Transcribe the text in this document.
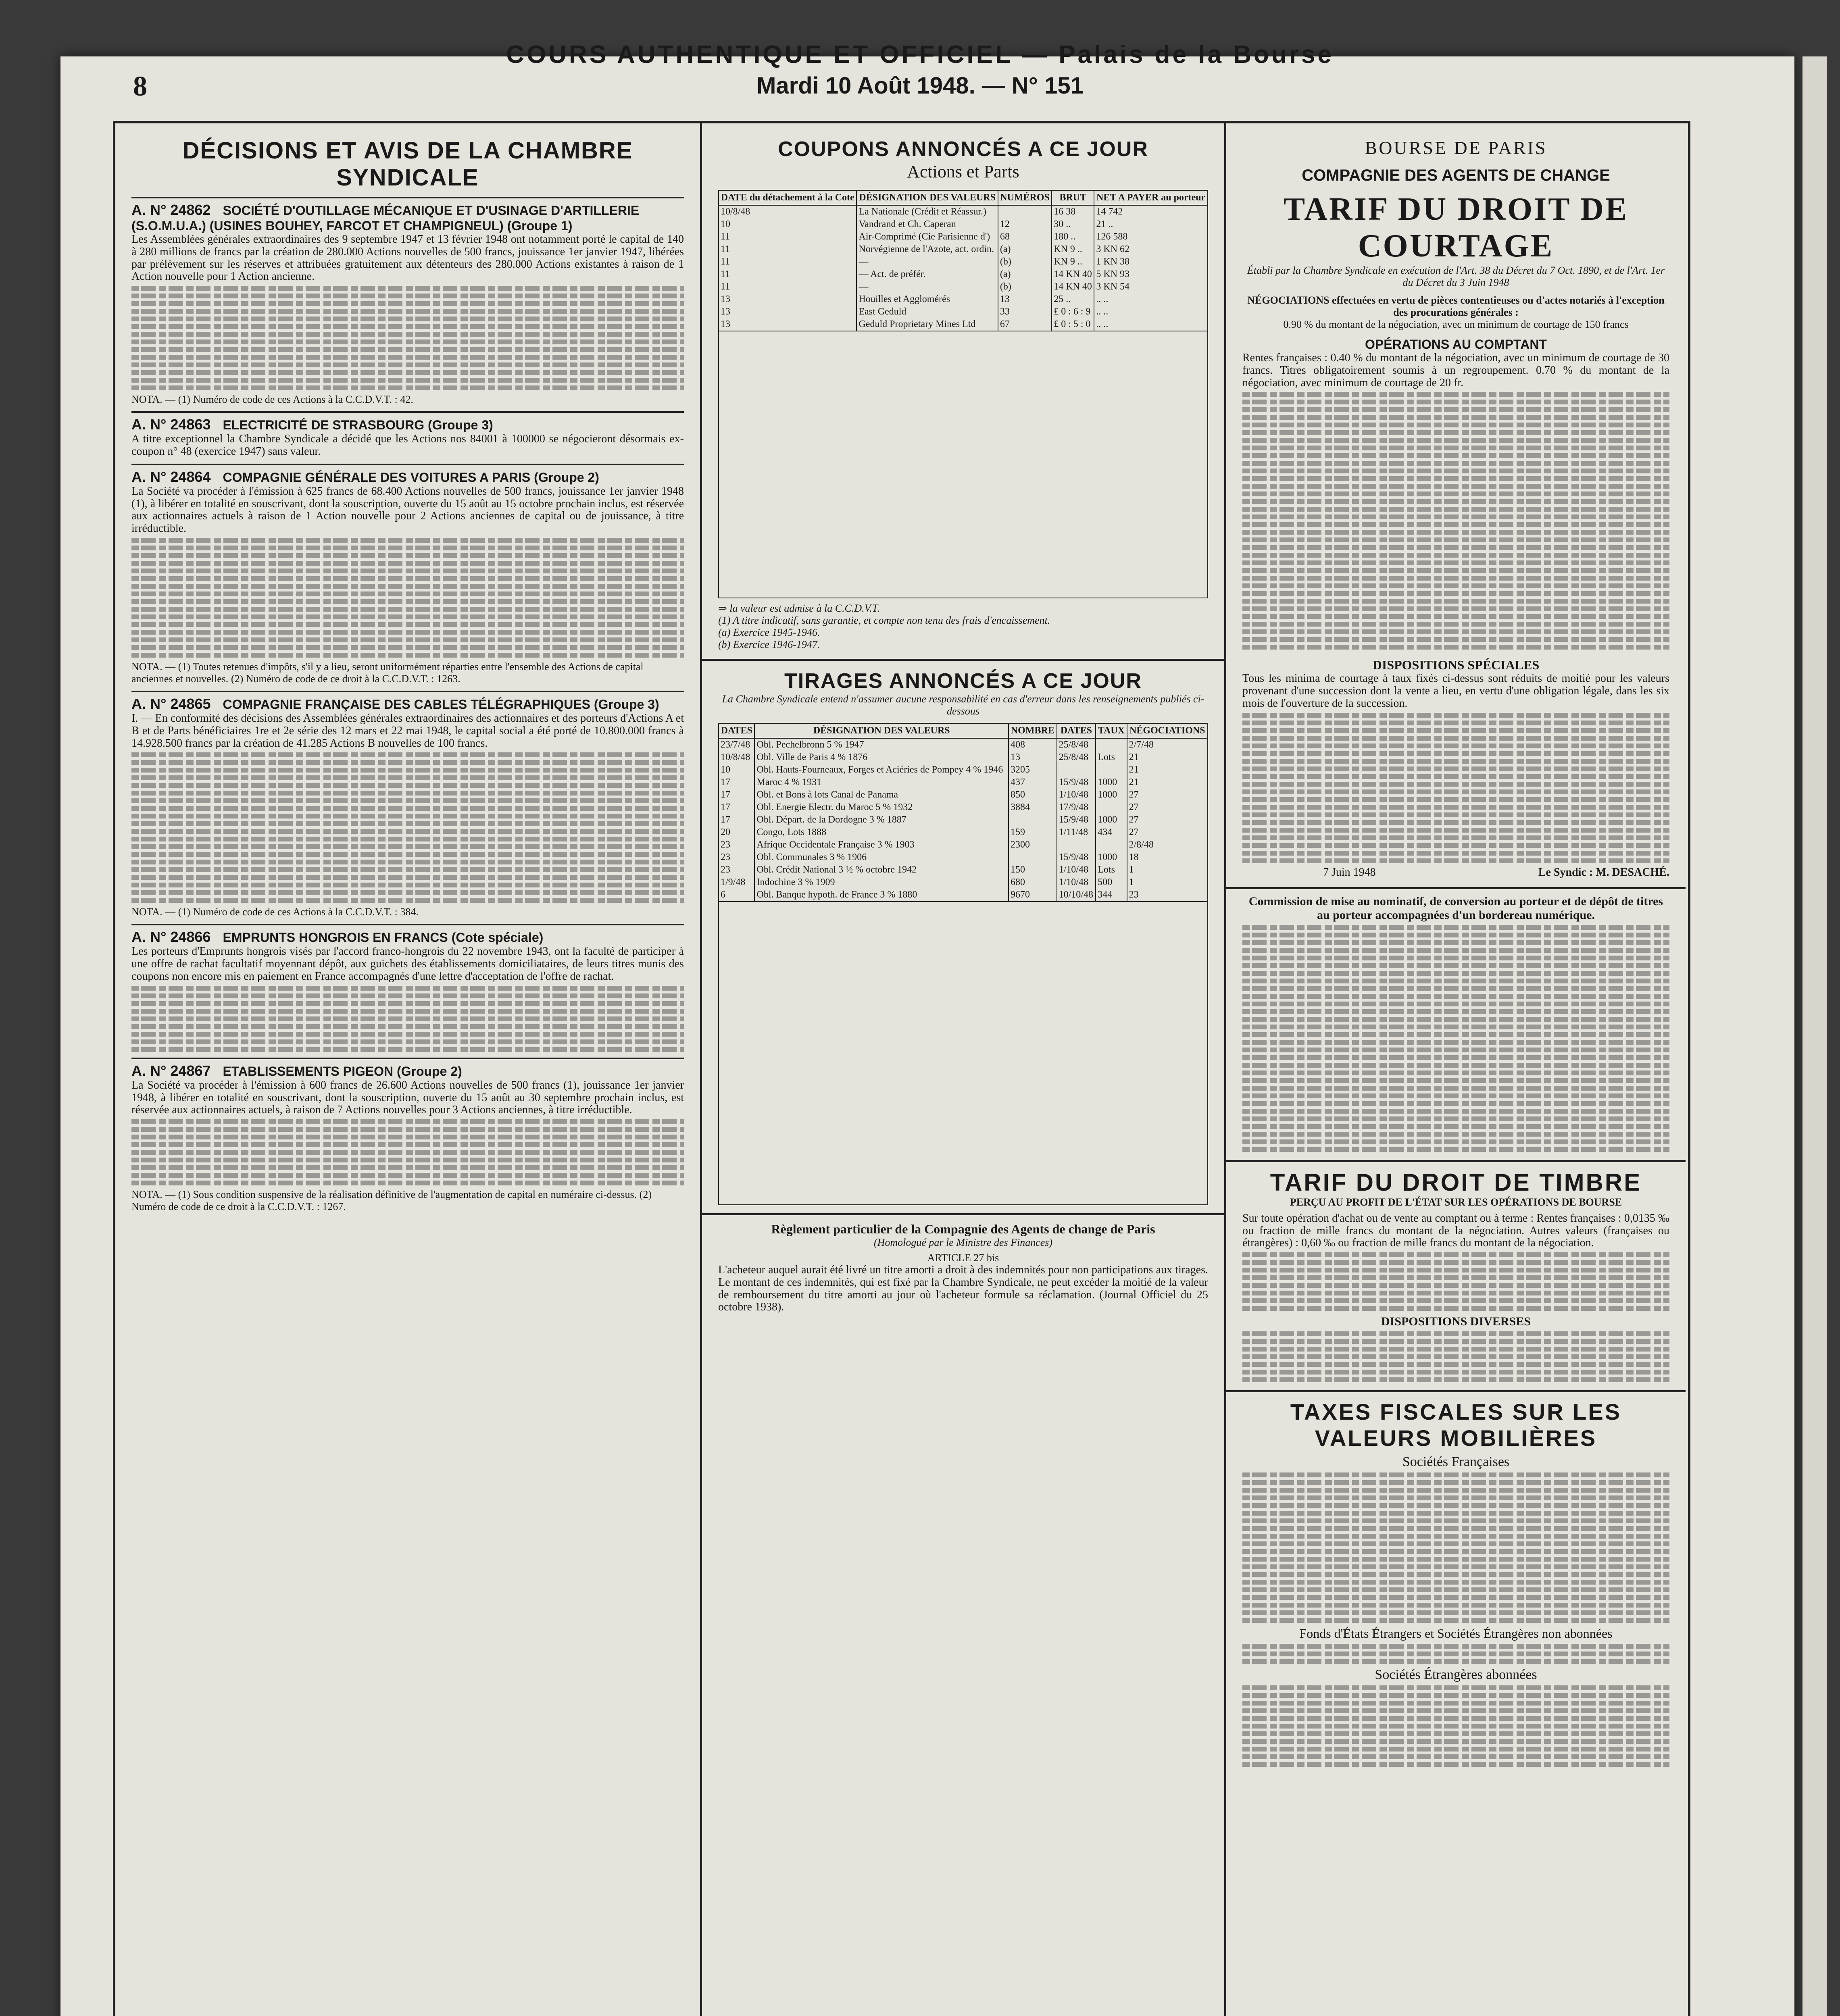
COURS AUTHENTIQUE ET OFFICIEL — Palais de la Bourse
Mardi 10 Août 1948. — N° 151
8
DÉCISIONS ET AVIS DE LA CHAMBRE SYNDICALE
A. N° 24862 SOCIÉTÉ D'OUTILLAGE MÉCANIQUE ET D'USINAGE D'ARTILLERIE (S.O.M.U.A.) (USINES BOUHEY, FARCOT ET CHAMPIGNEUL) (Groupe 1)
Les Assemblées générales extraordinaires des 9 septembre 1947 et 13 février 1948 ont notamment porté le capital de 140 à 280 millions de francs par la création de 280.000 Actions nouvelles de 500 francs, jouissance 1er janvier 1947, libérées par prélèvement sur les réserves et attribuées gratuitement aux détenteurs des 280.000 Actions existantes à raison de 1 Action nouvelle pour 1 Action ancienne.
NOTA. — (1) Numéro de code de ces Actions à la C.C.D.V.T. : 42.
A. N° 24863 ELECTRICITÉ DE STRASBOURG (Groupe 3)
A titre exceptionnel la Chambre Syndicale a décidé que les Actions nos 84001 à 100000 se négocieront désormais ex-coupon n° 48 (exercice 1947) sans valeur.
A. N° 24864 COMPAGNIE GÉNÉRALE DES VOITURES A PARIS (Groupe 2)
La Société va procéder à l'émission à 625 francs de 68.400 Actions nouvelles de 500 francs, jouissance 1er janvier 1948 (1), à libérer en totalité en souscrivant, dont la souscription, ouverte du 15 août au 15 octobre prochain inclus, est réservée aux actionnaires actuels à raison de 1 Action nouvelle pour 2 Actions anciennes de capital ou de jouissance, à titre irréductible.
NOTA. — (1) Toutes retenues d'impôts, s'il y a lieu, seront uniformément réparties entre l'ensemble des Actions de capital anciennes et nouvelles. (2) Numéro de code de ce droit à la C.C.D.V.T. : 1263.
A. N° 24865 COMPAGNIE FRANÇAISE DES CABLES TÉLÉGRAPHIQUES (Groupe 3)
I. — En conformité des décisions des Assemblées générales extraordinaires des actionnaires et des porteurs d'Actions A et B et de Parts bénéficiaires 1re et 2e série des 12 mars et 22 mai 1948, le capital social a été porté de 10.800.000 francs à 14.928.500 francs par la création de 41.285 Actions B nouvelles de 100 francs.
NOTA. — (1) Numéro de code de ces Actions à la C.C.D.V.T. : 384.
A. N° 24866 EMPRUNTS HONGROIS EN FRANCS (Cote spéciale)
Les porteurs d'Emprunts hongrois visés par l'accord franco-hongrois du 22 novembre 1943, ont la faculté de participer à une offre de rachat facultatif moyennant dépôt, aux guichets des établissements domiciliataires, de leurs titres munis des coupons non encore mis en paiement en France accompagnés d'une lettre d'acceptation de l'offre de rachat.
A. N° 24867 ETABLISSEMENTS PIGEON (Groupe 2)
La Société va procéder à l'émission à 600 francs de 26.600 Actions nouvelles de 500 francs (1), jouissance 1er janvier 1948, à libérer en totalité en souscrivant, dont la souscription, ouverte du 15 août au 30 septembre prochain inclus, est réservée aux actionnaires actuels, à raison de 7 Actions nouvelles pour 3 Actions anciennes, à titre irréductible.
NOTA. — (1) Sous condition suspensive de la réalisation définitive de l'augmentation de capital en numéraire ci-dessus. (2) Numéro de code de ce droit à la C.C.D.V.T. : 1267.
COUPONS ANNONCÉS A CE JOUR
Actions et Parts
DATE du détachement à la Cote	DÉSIGNATION DES VALEURS	NUMÉROS	BRUT	NET A PAYER au porteur
10/8/48	La Nationale (Crédit et Réassur.)		16 38	14 742
10	Vandrand et Ch. Caperan	12	30 ..	21 ..
11	Air-Comprimé (Cie Parisienne d')	68	180 ..	126 588
11	Norvégienne de l'Azote, act. ordin.	(a)	KN 9 ..	3 KN 62
11	—	(b)	KN 9 ..	1 KN 38
11	— Act. de préfér.	(a)	14 KN 40	5 KN 93
11	—	(b)	14 KN 40	3 KN 54
13	Houilles et Agglomérés	13	25 ..	.. ..
13	East Geduld	33	£ 0 : 6 : 9	.. ..
13	Geduld Proprietary Mines Ltd	67	£ 0 : 5 : 0	.. ..
⇒ la valeur est admise à la C.C.D.V.T.
(1) A titre indicatif, sans garantie, et compte non tenu des frais d'encaissement.
(a) Exercice 1945-1946.
(b) Exercice 1946-1947.
TIRAGES ANNONCÉS A CE JOUR
La Chambre Syndicale entend n'assumer aucune responsabilité en cas d'erreur dans les renseignements publiés ci-dessous
DATES	DÉSIGNATION DES VALEURS	NOMBRE	DATES	TAUX	NÉGOCIATIONS
23/7/48	Obl. Pechelbronn 5 % 1947	408	25/8/48		2/7/48
10/8/48	Obl. Ville de Paris 4 % 1876	13	25/8/48	Lots	21
10	Obl. Hauts-Fourneaux, Forges et Aciéries de Pompey 4 % 1946	3205			21
17	Maroc 4 % 1931	437	15/9/48	1000	21
17	Obl. et Bons à lots Canal de Panama	850	1/10/48	1000	27
17	Obl. Energie Electr. du Maroc 5 % 1932	3884	17/9/48		27
17	Obl. Départ. de la Dordogne 3 % 1887		15/9/48	1000	27
20	Congo, Lots 1888	159	1/11/48	434	27
23	Afrique Occidentale Française 3 % 1903	2300			2/8/48
23	Obl. Communales 3 % 1906		15/9/48	1000	18
23	Obl. Crédit National 3 ½ % octobre 1942	150	1/10/48	Lots	1
1/9/48	Indochine 3 % 1909	680	1/10/48	500	1
6	Obl. Banque hypoth. de France 3 % 1880	9670	10/10/48	344	23
Règlement particulier de la Compagnie des Agents de change de Paris
(Homologué par le Ministre des Finances)
ARTICLE 27 bis
L'acheteur auquel aurait été livré un titre amorti a droit à des indemnités pour non participations aux tirages. Le montant de ces indemnités, qui est fixé par la Chambre Syndicale, ne peut excéder la moitié de la valeur de remboursement du titre amorti au jour où l'acheteur formule sa réclamation. (Journal Officiel du 25 octobre 1938).
BOURSE DE PARIS
COMPAGNIE DES AGENTS DE CHANGE
TARIF DU DROIT DE COURTAGE
Établi par la Chambre Syndicale en exécution de l'Art. 38 du Décret du 7 Oct. 1890, et de l'Art. 1er du Décret du 3 Juin 1948
NÉGOCIATIONS effectuées en vertu de pièces contentieuses ou d'actes notariés à l'exception des procurations générales :
0.90 % du montant de la négociation, avec un minimum de courtage de 150 francs
OPÉRATIONS AU COMPTANT
Rentes françaises : 0.40 % du montant de la négociation, avec un minimum de courtage de 30 francs. Titres obligatoirement soumis à un regroupement. 0.70 % du montant de la négociation, avec minimum de courtage de 20 fr.
DISPOSITIONS SPÉCIALES
Tous les minima de courtage à taux fixés ci-dessus sont réduits de moitié pour les valeurs provenant d'une succession dont la vente a lieu, en vertu d'une obligation légale, dans les six mois de l'ouverture de la succession.
7 Juin 1948	Le Syndic : M. DESACHÉ.
Commission de mise au nominatif, de conversion au porteur et de dépôt de titres au porteur accompagnées d'un bordereau numérique.
TARIF DU DROIT DE TIMBRE
PERÇU AU PROFIT DE L'ÉTAT SUR LES OPÉRATIONS DE BOURSE
Sur toute opération d'achat ou de vente au comptant ou à terme : Rentes françaises : 0,0135 ‰ ou fraction de mille francs du montant de la négociation. Autres valeurs (françaises ou étrangères) : 0,60 ‰ ou fraction de mille francs du montant de la négociation.
DISPOSITIONS DIVERSES
TAXES FISCALES SUR LES VALEURS MOBILIÈRES
Sociétés Françaises
Fonds d'États Étrangers et Sociétés Étrangères non abonnées
Sociétés Étrangères abonnées
